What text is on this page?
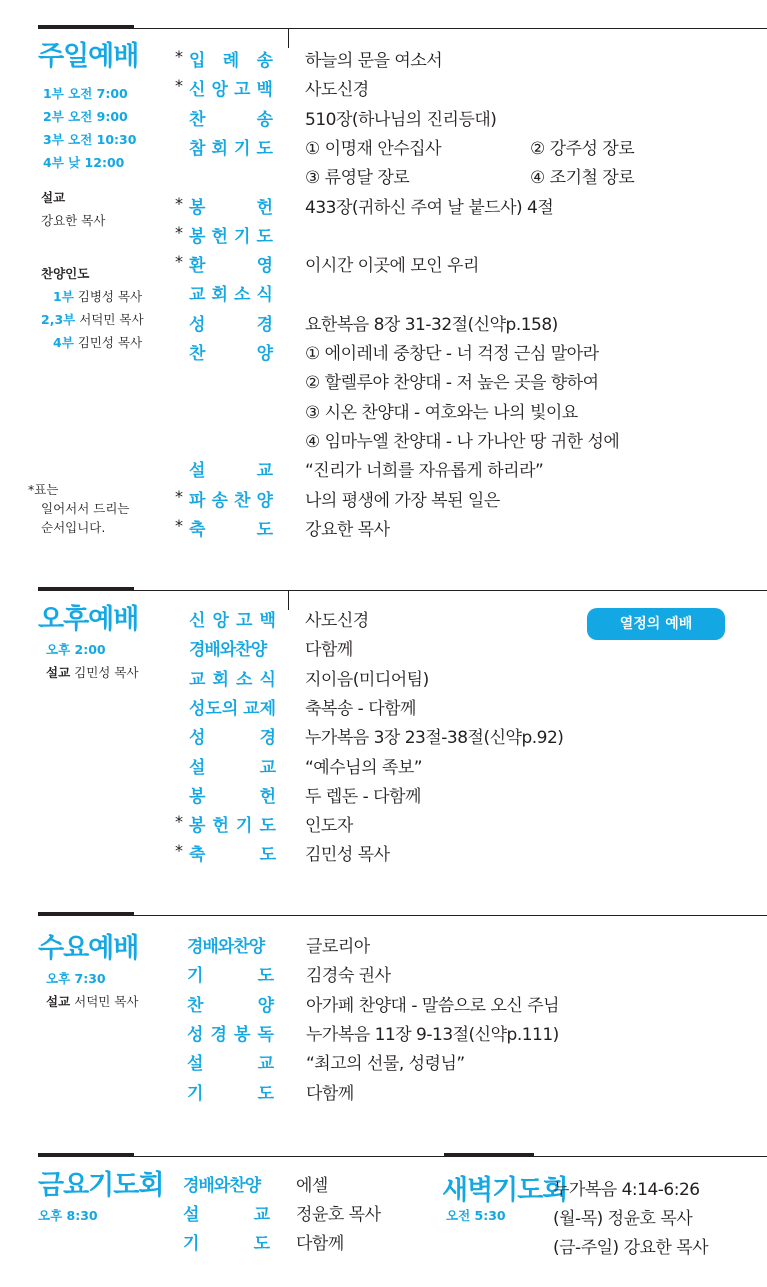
주일예배
1부 오전 7:00
2부 오전 9:00
3부 오전 10:30
4부 낮 12:00
설교
강요한 목사
찬양인도
1부 김병성 목사
2,3부 서덕민 목사
4부 김민성 목사
*표는
일어서서 드리는
순서입니다.
* 입 례 송 하늘의 문을 여소서
* 신 앙 고 백 사도신경
찬	송 510장(하나님의 진리등대)
참 회 기 도 ① 이명재 안수집사	② 강주성 장로
③ 류영달 장로	④ 조기철 장로
* 봉	헌 433장(귀하신 주여 날 붙드사) 4절
* 봉 헌 기 도
* 환	영 이시간 이곳에 모인 우리
교 회 소 식
성	경 요한복음 8장 31-32절(신약p.158)
찬	양 ① 에이레네 중창단 - 너 걱정 근심 말아라
② 할렐루야 찬양대 - 저 높은 곳을 향하여
③ 시온 찬양대 - 여호와는 나의 빛이요
④ 임마누엘 찬양대 - 나 가나안 땅 귀한 성에
설	교 “진리가 너희를 자유롭게 하리라”
* 파 송 찬 양 나의 평생에 가장 복된 일은
* 축	도 강요한 목사
오후예배
오후 2:00
설교 김민성 목사
열정의 예배
신 앙 고 백 사도신경
경배와찬양	다함께
교 회 소 식 지이음(미디어팀)
성도의 교제 축복송 - 다함께
성	경 누가복음 3장 23절-38절(신약p.92)
설	교 “예수님의 족보”
봉	헌 두 렙돈 - 다함께
* 봉 헌 기 도 인도자
* 축	도 김민성 목사
수요예배
오후 7:30
설교 서덕민 목사
경배와찬양	글로리아
기	도 김경숙 권사
찬	양 아가페 찬양대 - 말씀으로 오신 주님
성 경 봉 독 누가복음 11장 9-13절(신약p.111)
설	교 “최고의 선물, 성령님”
기	도 다함께
금요기도회
오후 8:30
경배와찬양	에셀
설	교 정윤호 목사
기	도 다함께
새벽기도회
오전 5:30
누가복음 4:14-6:26
(월-목) 정윤호 목사
(금-주일) 강요한 목사
